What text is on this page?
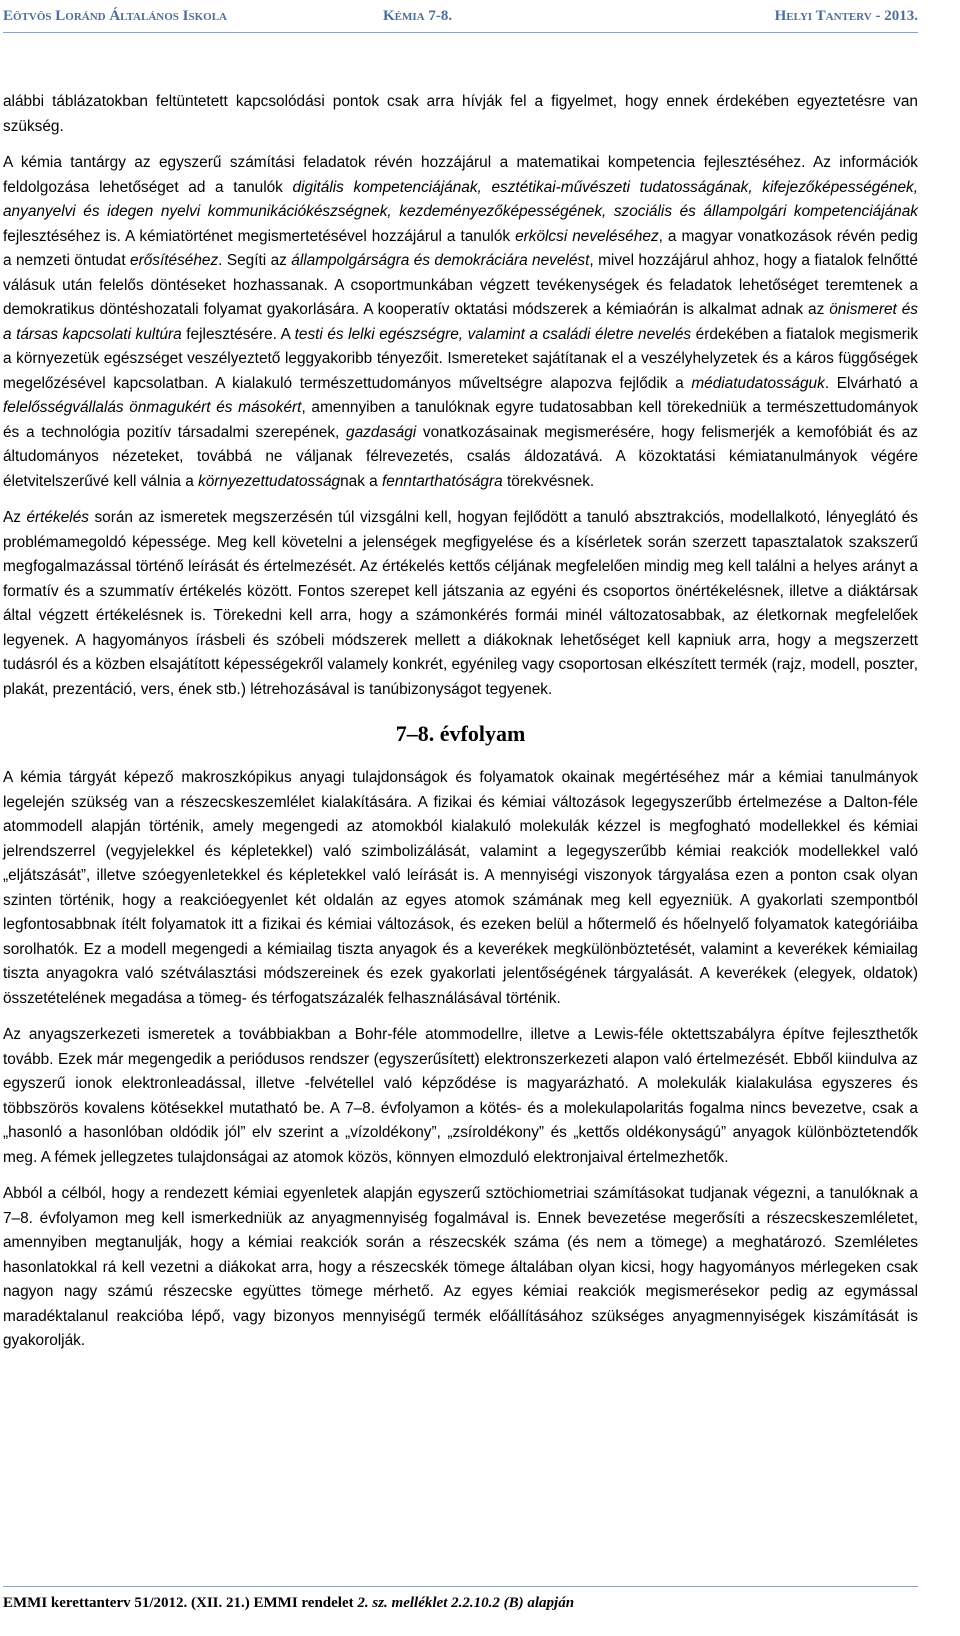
Eötvös Loránd Általános Iskola	Kémia 7-8.	Helyi Tanterv - 2013.

alábbi táblázatokban feltüntetett kapcsolódási pontok csak arra hívják fel a figyelmet, hogy ennek érdekében egyeztetésre van szükség.

A kémia tantárgy az egyszerű számítási feladatok révén hozzájárul a matematikai kompetencia fejlesztéséhez. Az információk feldolgozása lehetőséget ad a tanulók digitális kompetenciájának, esztétikai-művészeti tudatosságának, kifejezőképességének, anyanyelvi és idegen nyelvi kommunikációkészségnek, kezdeményezőképességének, szociális és állampolgári kompetenciájának fejlesztéséhez is. A kémiatörténet megismertetésével hozzájárul a tanulók erkölcsi neveléséhez, a magyar vonatkozások révén pedig a nemzeti öntudat erősítéséhez. Segíti az állampolgárságra és demokráciára nevelést, mivel hozzájárul ahhoz, hogy a fiatalok felnőtté válásuk után felelős döntéseket hozhassanak. A csoportmunkában végzett tevékenységek és feladatok lehetőséget teremtenek a demokratikus döntéshozatali folyamat gyakorlására. A kooperatív oktatási módszerek a kémiaórán is alkalmat adnak az önismeret és a társas kapcsolati kultúra fejlesztésére. A testi és lelki egészségre, valamint a családi életre nevelés érdekében a fiatalok megismerik a környezetük egészséget veszélyeztető leggyakoribb tényezőit. Ismereteket sajátítanak el a veszélyhelyzetek és a káros függőségek megelőzésével kapcsolatban. A kialakuló természettudományos műveltségre alapozva fejlődik a médiatudatosságuk. Elvárható a felelősségvállalás önmagukért és másokért, amennyiben a tanulóknak egyre tudatosabban kell törekedniük a természettudományok és a technológia pozitív társadalmi szerepének, gazdasági vonatkozásainak megismerésére, hogy felismerjék a kemofóbiát és az áltudományos nézeteket, továbbá ne váljanak félrevezetés, csalás áldozatává. A közoktatási kémiatanulmányok végére életvitelszerűvé kell válnia a környezettudatosságnak a fenntarthatóságra törekvésnek.

Az értékelés során az ismeretek megszerzésén túl vizsgálni kell, hogyan fejlődött a tanuló absztrakciós, modellalkotó, lényeglátó és problémamegoldó képessége. Meg kell követelni a jelenségek megfigyelése és a kísérletek során szerzett tapasztalatok szakszerű megfogalmazással történő leírását és értelmezését. Az értékelés kettős céljának megfelelően mindig meg kell találni a helyes arányt a formatív és a szummatív értékelés között. Fontos szerepet kell játszania az egyéni és csoportos önértékelésnek, illetve a diáktársak által végzett értékelésnek is. Törekedni kell arra, hogy a számonkérés formái minél változatosabbak, az életkornak megfelelőek legyenek. A hagyományos írásbeli és szóbeli módszerek mellett a diákoknak lehetőséget kell kapniuk arra, hogy a megszerzett tudásról és a közben elsajátított képességekről valamely konkrét, egyénileg vagy csoportosan elkészített termék (rajz, modell, poszter, plakát, prezentáció, vers, ének stb.) létrehozásával is tanúbizonyságot tegyenek.

7–8. évfolyam

A kémia tárgyát képező makroszkópikus anyagi tulajdonságok és folyamatok okainak megértéséhez már a kémiai tanulmányok legelején szükség van a részecskeszemlélet kialakítására. A fizikai és kémiai változások legegyszerűbb értelmezése a Dalton-féle atommodell alapján történik, amely megengedi az atomokból kialakuló molekulák kézzel is megfogható modellekkel és kémiai jelrendszerrel (vegyjelekkel és képletekkel) való szimbolizálását, valamint a legegyszerűbb kémiai reakciók modellekkel való „eljátszását”, illetve szóegyenletekkel és képletekkel való leírását is. A mennyiségi viszonyok tárgyalása ezen a ponton csak olyan szinten történik, hogy a reakcióegyenlet két oldalán az egyes atomok számának meg kell egyezniük. A gyakorlati szempontból legfontosabbnak ítélt folyamatok itt a fizikai és kémiai változások, és ezeken belül a hőtermelő és hőelnyelő folyamatok kategóriáiba sorolhatók. Ez a modell megengedi a kémiailag tiszta anyagok és a keverékek megkülönböztetését, valamint a keverékek kémiailag tiszta anyagokra való szétválasztási módszereinek és ezek gyakorlati jelentőségének tárgyalását. A keverékek (elegyek, oldatok) összetételének megadása a tömeg- és térfogatszázalék felhasználásával történik.

Az anyagszerkezeti ismeretek a továbbiakban a Bohr-féle atommodellre, illetve a Lewis-féle oktettszabályra építve fejleszthetők tovább. Ezek már megengedik a periódusos rendszer (egyszerűsített) elektronszerkezeti alapon való értelmezését. Ebből kiindulva az egyszerű ionok elektronleadással, illetve -felvétellel való képződése is magyarázható. A molekulák kialakulása egyszeres és többszörös kovalens kötésekkel mutatható be. A 7–8. évfolyamon a kötés- és a molekulapolaritás fogalma nincs bevezetve, csak a „hasonló a hasonlóban oldódik jól” elv szerint a „vízoldékony”, „zsíroldékony” és „kettős oldékonyságú” anyagok különböztetendők meg. A fémek jellegzetes tulajdonságai az atomok közös, könnyen elmozduló elektronjaival értelmezhetők.

Abból a célból, hogy a rendezett kémiai egyenletek alapján egyszerű sztöchiometriai számításokat tudjanak végezni, a tanulóknak a 7–8. évfolyamon meg kell ismerkedniük az anyagmennyiség fogalmával is. Ennek bevezetése megerősíti a részecskeszemléletet, amennyiben megtanulják, hogy a kémiai reakciók során a részecskék száma (és nem a tömege) a meghatározó. Szemléletes hasonlatokkal rá kell vezetni a diákokat arra, hogy a részecskék tömege általában olyan kicsi, hogy hagyományos mérlegeken csak nagyon nagy számú részecske együttes tömege mérhető. Az egyes kémiai reakciók megismerésekor pedig az egymással maradéktalanul reakcióba lépő, vagy bizonyos mennyiségű termék előállításához szükséges anyagmennyiségek kiszámítását is gyakorolják.

EMMI kerettanterv 51/2012. (XII. 21.) EMMI rendelet 2. sz. melléklet 2.2.10.2 (B) alapján
